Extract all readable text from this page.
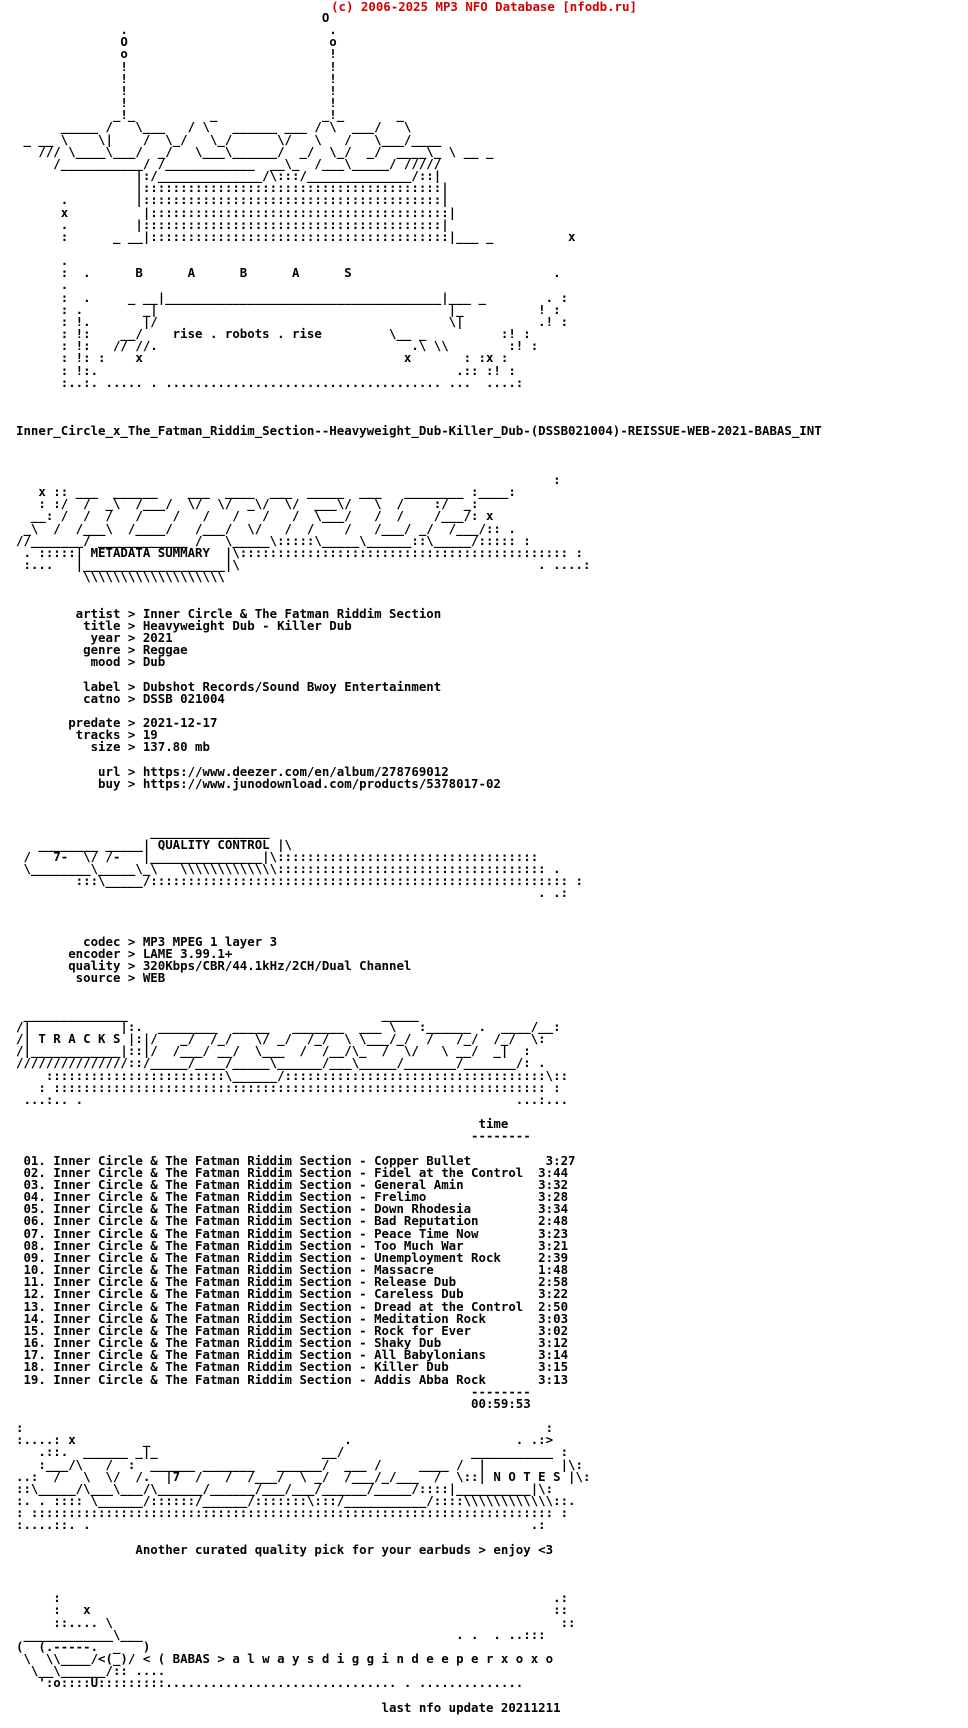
(c) 2006-2025 MP3 NFO Database [nfodb.ru]
O
.                           .
O                           o
o                           !
!                           !
!                           !
!                           !
!                           !
_!_          _              _!_       _
_____ /   \___   / \   ______ ___ / \  ___/   \
_ __ \    \|    /  \_/   \_/      \/   \   /   \___/____
/// \____\___/  _/   \___\______/  _/  \_/  _/  ____\_ \ __ _
/___________/ /____________  __\_  /___\_____/ /////
|:/______________/\:::/______________/::|
|::::::::::::::::::::::::::::::::::::::::|
.         |::::::::::::::::::::::::::::::::::::::::|
x          |::::::::::::::::::::::::::::::::::::::::|
.         |::::::::::::::::::::::::::::::::::::::::|
:      _ __|::::::::::::::::::::::::::::::::::::::::|___ _          x

.
:  .      B      A      B      A      S                           .
.
:  .     _ __|_____________________________________|___ _        . :
: .        _|                                       |_          ! :
: !.       |/                                       \|          .! :
: !:    __/    rise . robots . rise         \__ _          :! :
: !:   // //.                                  .\ \\        :! :
: !: :    x                                   x       : :x :
: !:.                                                .:: :! :
:..:. ..... . ..................................... ...  ....:

Inner_Circle_x_The_Fatman_Riddim_Section--Heavyweight_Dub-Killer_Dub-(DSSB021004)-REISSUE-WEB-2021-BABAS_INT

:
x :: ___  ______    ___  ____  ___  _____  ___   ________ :____:
: :/  /  _\  /___/  \/  \/  _\/  \/  ___\/   \  /    :/  _:
__: /  /  /   /    /   /   /   /   /  \___/   /  /    /___/: x
_\  /  /___\  /____/   /___/  \/   /  /    /   /___/ _/  /___/:: .
//_______/ ____________ /   \_____\:::::\_____\______::\_____/::::: :
. :::::| METADATA SUMMARY  |\:::::::::::::::::::::::::::::::::::::::::::: :
:...   |___________________|\                                        . ....:
\\\\\\\\\\\\\\\\\\\

artist > Inner Circle & The Fatman Riddim Section
title > Heavyweight Dub - Killer Dub
year > 2021
genre > Reggae
mood > Dub

label > Dubshot Records/Sound Bwoy Entertainment
catno > DSSB 021004

predate > 2021-12-17
tracks > 19
size > 137.80 mb

url > https://www.deezer.com/en/album/278769012
buy > https://www.junodownload.com/products/5378017-02

________________
________ _____| QUALITY CONTROL |\
/   7-  \/ /-   |_______________|\:::::::::::::::::::::::::::::::::::
\________\_____\_\   \\\\\\\\\\\\\:::::::::::::::::::::::::::::::::::: .
:::\_____/:::::::::::::::::::::::::::::::::::::::::::::::::::::::: :
. .:

codec > MP3 MPEG 1 layer 3
encoder > LAME 3.99.1+
quality > 320Kbps/CBR/44.1kHz/2CH/Dual Channel
source > WEB

______________                                  _____
/|            |:.  ________  _____   _______  ___ \   :______ .  ____/__:
/| T R A C K S |:|/   _/  /_/   \/ _/  /_/  \ \___/_/  /   /_/  /_/  \:
/|____________|::|/  /___/ __/  \___  /  /__/\_  /  \/   \ __/  _|  :
///////////////::/_____/____/_____\______/___\_____/_______/_______/: .
::::::::::::::::::::::::\______/:::::::::::::::::::::::::::::::::::\::
: :::::::::::::::::::::::::::::::::::::::::::::::::::::::::::::::::: :
...:.. .                                                          ...:...

time
--------

01. Inner Circle & The Fatman Riddim Section - Copper Bullet          3:27
02. Inner Circle & The Fatman Riddim Section - Fidel at the Control  3:44
03. Inner Circle & The Fatman Riddim Section - General Amin          3:32
04. Inner Circle & The Fatman Riddim Section - Frelimo               3:28
05. Inner Circle & The Fatman Riddim Section - Down Rhodesia         3:34
06. Inner Circle & The Fatman Riddim Section - Bad Reputation        2:48
07. Inner Circle & The Fatman Riddim Section - Peace Time Now        3:23
08. Inner Circle & The Fatman Riddim Section - Too Much War          3:21
09. Inner Circle & The Fatman Riddim Section - Unemployment Rock     2:39
10. Inner Circle & The Fatman Riddim Section - Massacre              1:48
11. Inner Circle & The Fatman Riddim Section - Release Dub           2:58
12. Inner Circle & The Fatman Riddim Section - Careless Dub          3:22
13. Inner Circle & The Fatman Riddim Section - Dread at the Control  2:50
14. Inner Circle & The Fatman Riddim Section - Meditation Rock       3:03
15. Inner Circle & The Fatman Riddim Section - Rock for Ever         3:02
16. Inner Circle & The Fatman Riddim Section - Shaky Dub             3:12
17. Inner Circle & The Fatman Riddim Section - All Babylonians       3:14
18. Inner Circle & The Fatman Riddim Section - Killer Dub            3:15
19. Inner Circle & The Fatman Riddim Section - Addis Abba Rock       3:13
--------
00:59:53

:                                                                      :
:....: x         _                          .                      . .:>
.::.  ______ _|_                      __/                 ___________ :
:___/\   /  :  ______ _______   ______/  ___ /     ____ /  |          |\:
..:  /   \  \/  /.  |7  /   /  /___/  \ _/  /___/_/___  /  \::| N O T E S |\:
::\_____/\___\___/\______/______/___/___/______/_____/::::|__________|\:
:. . :::: \______/::::::/______/:::::::\:::/___________/::::\\\\\\\\\\\\::.
: :::::::::::::::::::::::::::::::::::::::::::::::::::::::::::::::::::::: :
:....::. .                                                           .:

Another curated quality pick for your earbuds > enjoy <3

:                                                                  .:
:   x                                                              ::
::.... \                                                            ::
____________\___                                          . .  . ..:::
(  (.-----.  _   )
\  \\____/<(_)/ < ( BABAS > a l w a y s d i g g i n d e e p e r x o x o
\__\______/:: ....
':o::::U:::::::::............................... . ..............

last nfo update 20211211
